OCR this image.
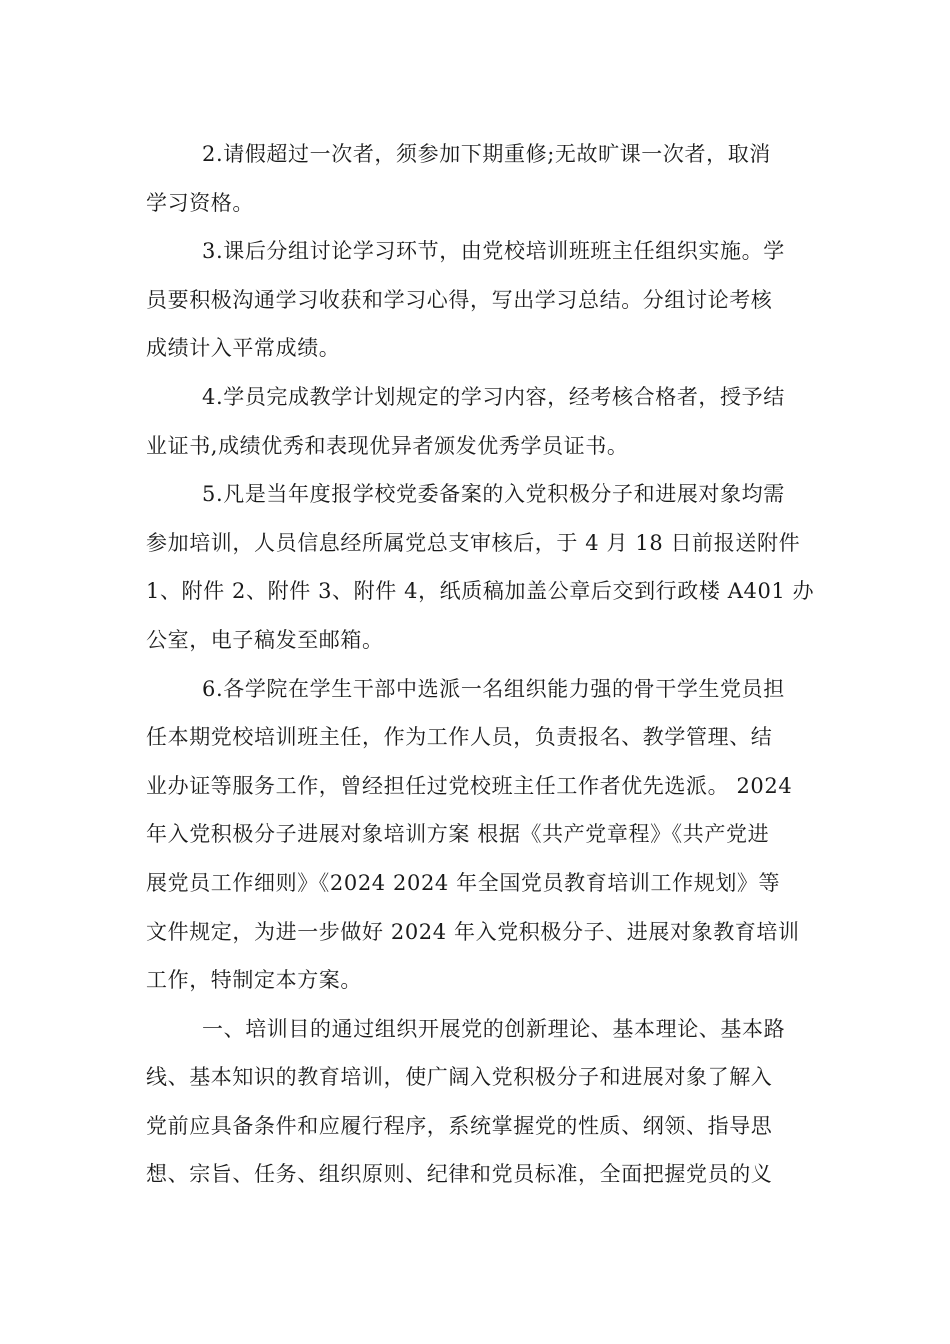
2.请假超过一次者，须参加下期重修;无故旷课一次者，取消
学习资格。
3.课后分组讨论学习环节，由党校培训班班主任组织实施。学
员要积极沟通学习收获和学习心得，写出学习总结。分组讨论考核
成绩计入平常成绩。
4.学员完成教学计划规定的学习内容，经考核合格者，授予结
业证书,成绩优秀和表现优异者颁发优秀学员证书。
5.凡是当年度报学校党委备案的入党积极分子和进展对象均需
参加培训，人员信息经所属党总支审核后，于 4 月 18 日前报送附件
1、附件 2、附件 3、附件 4，纸质稿加盖公章后交到行政楼 A401 办
公室，电子稿发至邮箱。
6.各学院在学生干部中选派一名组织能力强的骨干学生党员担
任本期党校培训班主任，作为工作人员，负责报名、教学管理、结
业办证等服务工作，曾经担任过党校班主任工作者优先选派。 2024
年入党积极分子进展对象培训方案 根据《共产党章程》《共产党进
展党员工作细则》《2024 2024 年全国党员教育培训工作规划》等
文件规定，为进一步做好 2024 年入党积极分子、进展对象教育培训
工作，特制定本方案。
一、培训目的通过组织开展党的创新理论、基本理论、基本路
线、基本知识的教育培训，使广阔入党积极分子和进展对象了解入
党前应具备条件和应履行程序，系统掌握党的性质、纲领、指导思
想、宗旨、任务、组织原则、纪律和党员标准，全面把握党员的义
